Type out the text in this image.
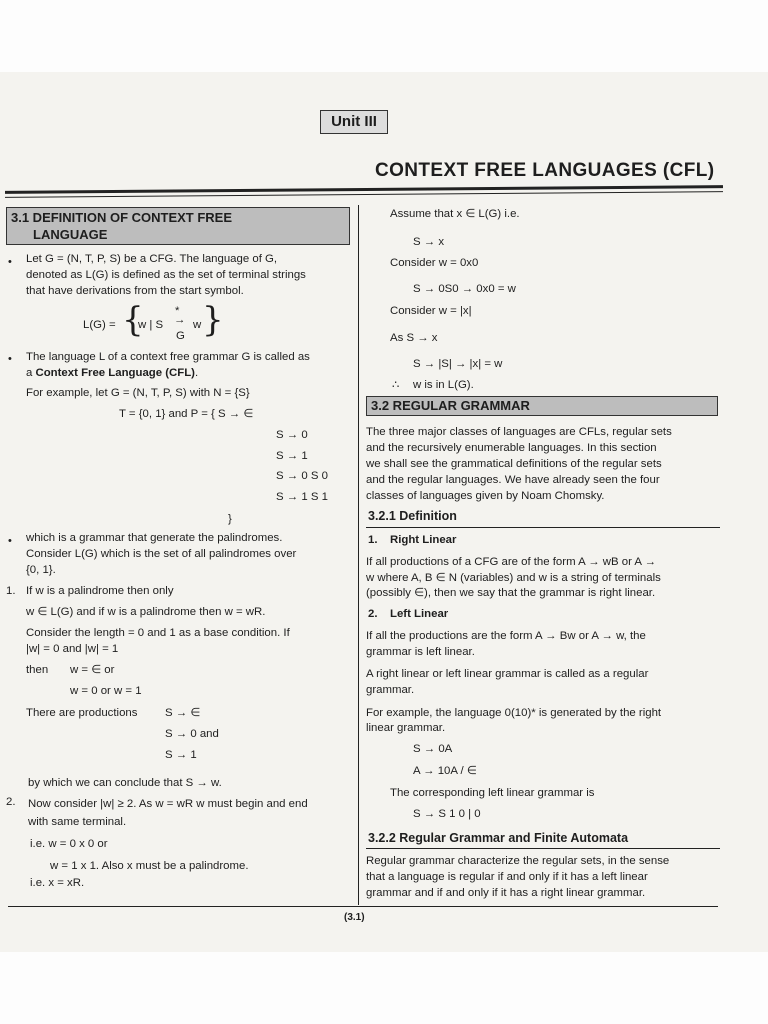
Unit III
CONTEXT FREE LANGUAGES (CFL)
3.1 DEFINITION OF CONTEXT FREE
LANGUAGE
• Let G = (N, T, P, S) be a CFG. The language of G,
denoted as L(G) is defined as the set of terminal strings
that have derivations from the start symbol.
L(G) = {
w | S
*
→
G
w }
• The language L of a context free grammar G is called as
a Context Free Language (CFL).
For example, let G = (N, T, P, S) with N = {S}
T = {0, 1} and P = { S → ∈
S → 0
S → 1
S → 0 S 0
S → 1 S 1
}
• which is a grammar that generate the palindromes.
Consider L(G) which is the set of all palindromes over
{0, 1}.
1. If w is a palindrome then only
w ∈ L(G) and if w is a palindrome then w = wR.
Consider the length = 0 and 1 as a base condition. If
|w| = 0 and |w| = 1
then w = ∈ or
w = 0 or w = 1
There are productions S → ∈
S → 0 and
S → 1
by which we can conclude that S → w.
2. Now consider |w| ≥ 2. As w = wR w must begin and end
with same terminal.
i.e. w = 0 x 0 or
w = 1 x 1. Also x must be a palindrome.
i.e. x = xR.
Assume that x ∈ L(G) i.e.
S → x
Consider w = 0x0
S → 0S0 → 0x0 = w
Consider w = |x|
As S → x
S → |S| → |x| = w
∴ w is in L(G).
3.2 REGULAR GRAMMAR
The three major classes of languages are CFLs, regular sets
and the recursively enumerable languages. In this section
we shall see the grammatical definitions of the regular sets
and the regular languages. We have already seen the four
classes of languages given by Noam Chomsky.
3.2.1 Definition
1. Right Linear
If all productions of a CFG are of the form A → wB or A →
w where A, B ∈ N (variables) and w is a string of terminals
(possibly ∈), then we say that the grammar is right linear.
2. Left Linear
If all the productions are the form A → Bw or A → w, the
grammar is left linear.
A right linear or left linear grammar is called as a regular
grammar.
For example, the language 0(10)* is generated by the right
linear grammar.
S → 0A
A → 10A / ∈
The corresponding left linear grammar is
S → S 1 0 | 0
3.2.2 Regular Grammar and Finite Automata
Regular grammar characterize the regular sets, in the sense
that a language is regular if and only if it has a left linear
grammar and if and only if it has a right linear grammar.
(3.1)
